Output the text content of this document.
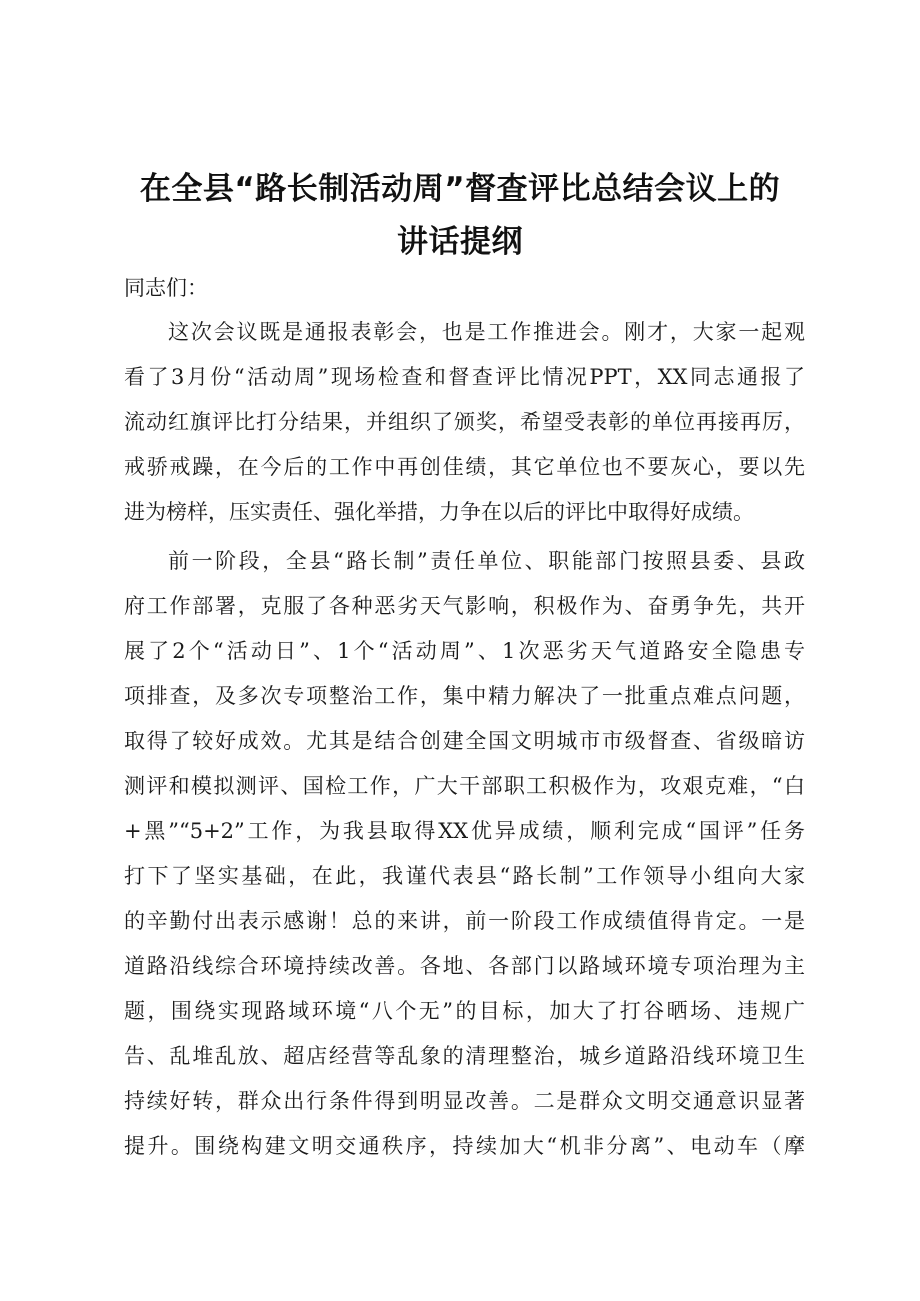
在全县“路长制活动周”督查评比总结会议上的
讲话提纲
同志们：
这次会议既是通报表彰会，也是工作推进会。刚才，大家一起观
看了3月份“活动周”现场检查和督查评比情况PPT，XX同志通报了
流动红旗评比打分结果，并组织了颁奖，希望受表彰的单位再接再厉，
戒骄戒躁，在今后的工作中再创佳绩，其它单位也不要灰心，要以先
进为榜样，压实责任、强化举措，力争在以后的评比中取得好成绩。
前一阶段，全县“路长制”责任单位、职能部门按照县委、县政
府工作部署，克服了各种恶劣天气影响，积极作为、奋勇争先，共开
展了2个“活动日”、1个“活动周”、1次恶劣天气道路安全隐患专
项排查，及多次专项整治工作，集中精力解决了一批重点难点问题，
取得了较好成效。尤其是结合创建全国文明城市市级督查、省级暗访
测评和模拟测评、国检工作，广大干部职工积极作为，攻艰克难，“白
+黑”“5+2”工作，为我县取得XX优异成绩，顺利完成“国评”任务
打下了坚实基础，在此，我谨代表县“路长制”工作领导小组向大家
的辛勤付出表示感谢！总的来讲，前一阶段工作成绩值得肯定。一是
道路沿线综合环境持续改善。各地、各部门以路域环境专项治理为主
题，围绕实现路域环境“八个无”的目标，加大了打谷晒场、违规广
告、乱堆乱放、超店经营等乱象的清理整治，城乡道路沿线环境卫生
持续好转，群众出行条件得到明显改善。二是群众文明交通意识显著
提升。围绕构建文明交通秩序，持续加大“机非分离”、电动车（摩
